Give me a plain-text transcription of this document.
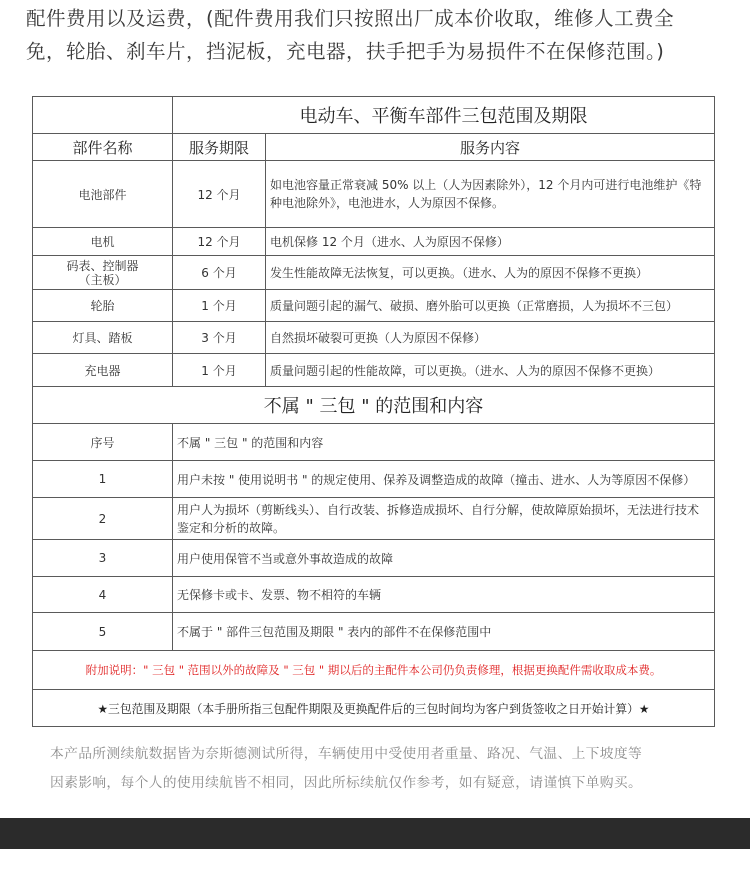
配件费用以及运费，(配件费用我们只按照出厂成本价收取，维修人工费全
免，轮胎、刹车片，挡泥板，充电器，扶手把手为易损件不在保修范围。)
	电动车、平衡车部件三包范围及期限	
部件名称	服务期限	服务内容
电池部件	12 个月	如电池容量正常衰减 50% 以上（人为因素除外），12 个月内可进行电池维护《特种电池除外》，电池进水，人为原因不保修。
电机	12 个月	电机保修 12 个月（进水、人为原因不保修）
码表、控制器
（主板）	6 个月	发生性能故障无法恢复，可以更换。（进水、人为的原因不保修不更换）
轮胎	1 个月	质量问题引起的漏气、破损、磨外胎可以更换（正常磨损，人为损坏不三包）
灯具、踏板	3 个月	自然损坏破裂可更换（人为原因不保修）
充电器	1 个月	质量问题引起的性能故障，可以更换。（进水、人为的原因不保修不更换）
不属 " 三包 " 的范围和内容		
序号	不属 " 三包 " 的范围和内容	
1	用户未按 " 使用说明书 " 的规定使用、保养及调整造成的故障（撞击、进水、人为等原因不保修）	
2	用户人为损坏（剪断线头）、自行改装、拆修造成损坏、自行分解，使故障原始损坏，无法进行技术鉴定和分析的故障。	
3	用户使用保管不当或意外事故造成的故障	
4	无保修卡或卡、发票、物不相符的车辆	
5	不属于 " 部件三包范围及期限 " 表内的部件不在保修范围中	
附加说明：" 三包 " 范围以外的故障及 " 三包 " 期以后的主配件本公司仍负责修理，根据更换配件需收取成本费。		
★三包范围及期限（本手册所指三包配件期限及更换配件后的三包时间均为客户到货签收之日开始计算）★		
本产品所测续航数据皆为奈斯德测试所得，车辆使用中受使用者重量、路况、气温、上下坡度等
因素影响，每个人的使用续航皆不相同，因此所标续航仅作参考，如有疑意，请谨慎下单购买。
免责声明
